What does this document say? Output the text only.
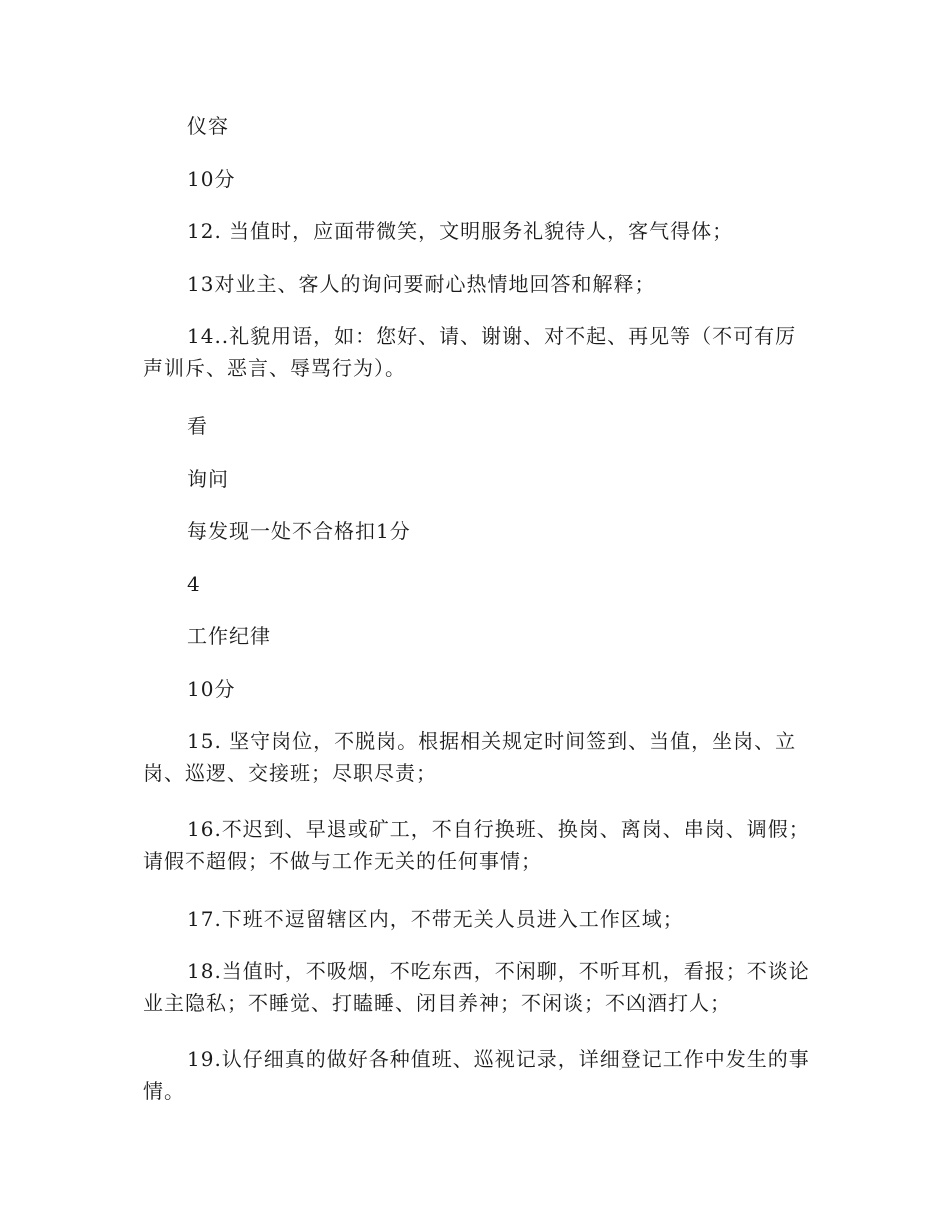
仪容

10分

12. 当值时，应面带微笑，文明服务礼貌待人，客气得体；

13对业主、客人的询问要耐心热情地回答和解释；

14..礼貌用语，如：您好、请、谢谢、对不起、再见等（不可有厉声训斥、恶言、辱骂行为）。

看

询问

每发现一处不合格扣1分

4

工作纪律

10分

15. 坚守岗位，不脱岗。根据相关规定时间签到、当值，坐岗、立岗、巡逻、交接班；尽职尽责；

16.不迟到、早退或矿工，不自行换班、换岗、离岗、串岗、调假；请假不超假；不做与工作无关的任何事情；

17.下班不逗留辖区内，不带无关人员进入工作区域；

18.当值时，不吸烟，不吃东西，不闲聊，不听耳机，看报；不谈论业主隐私；不睡觉、打瞌睡、闭目养神；不闲谈；不凶酒打人；

19.认仔细真的做好各种值班、巡视记录，详细登记工作中发生的事情。
